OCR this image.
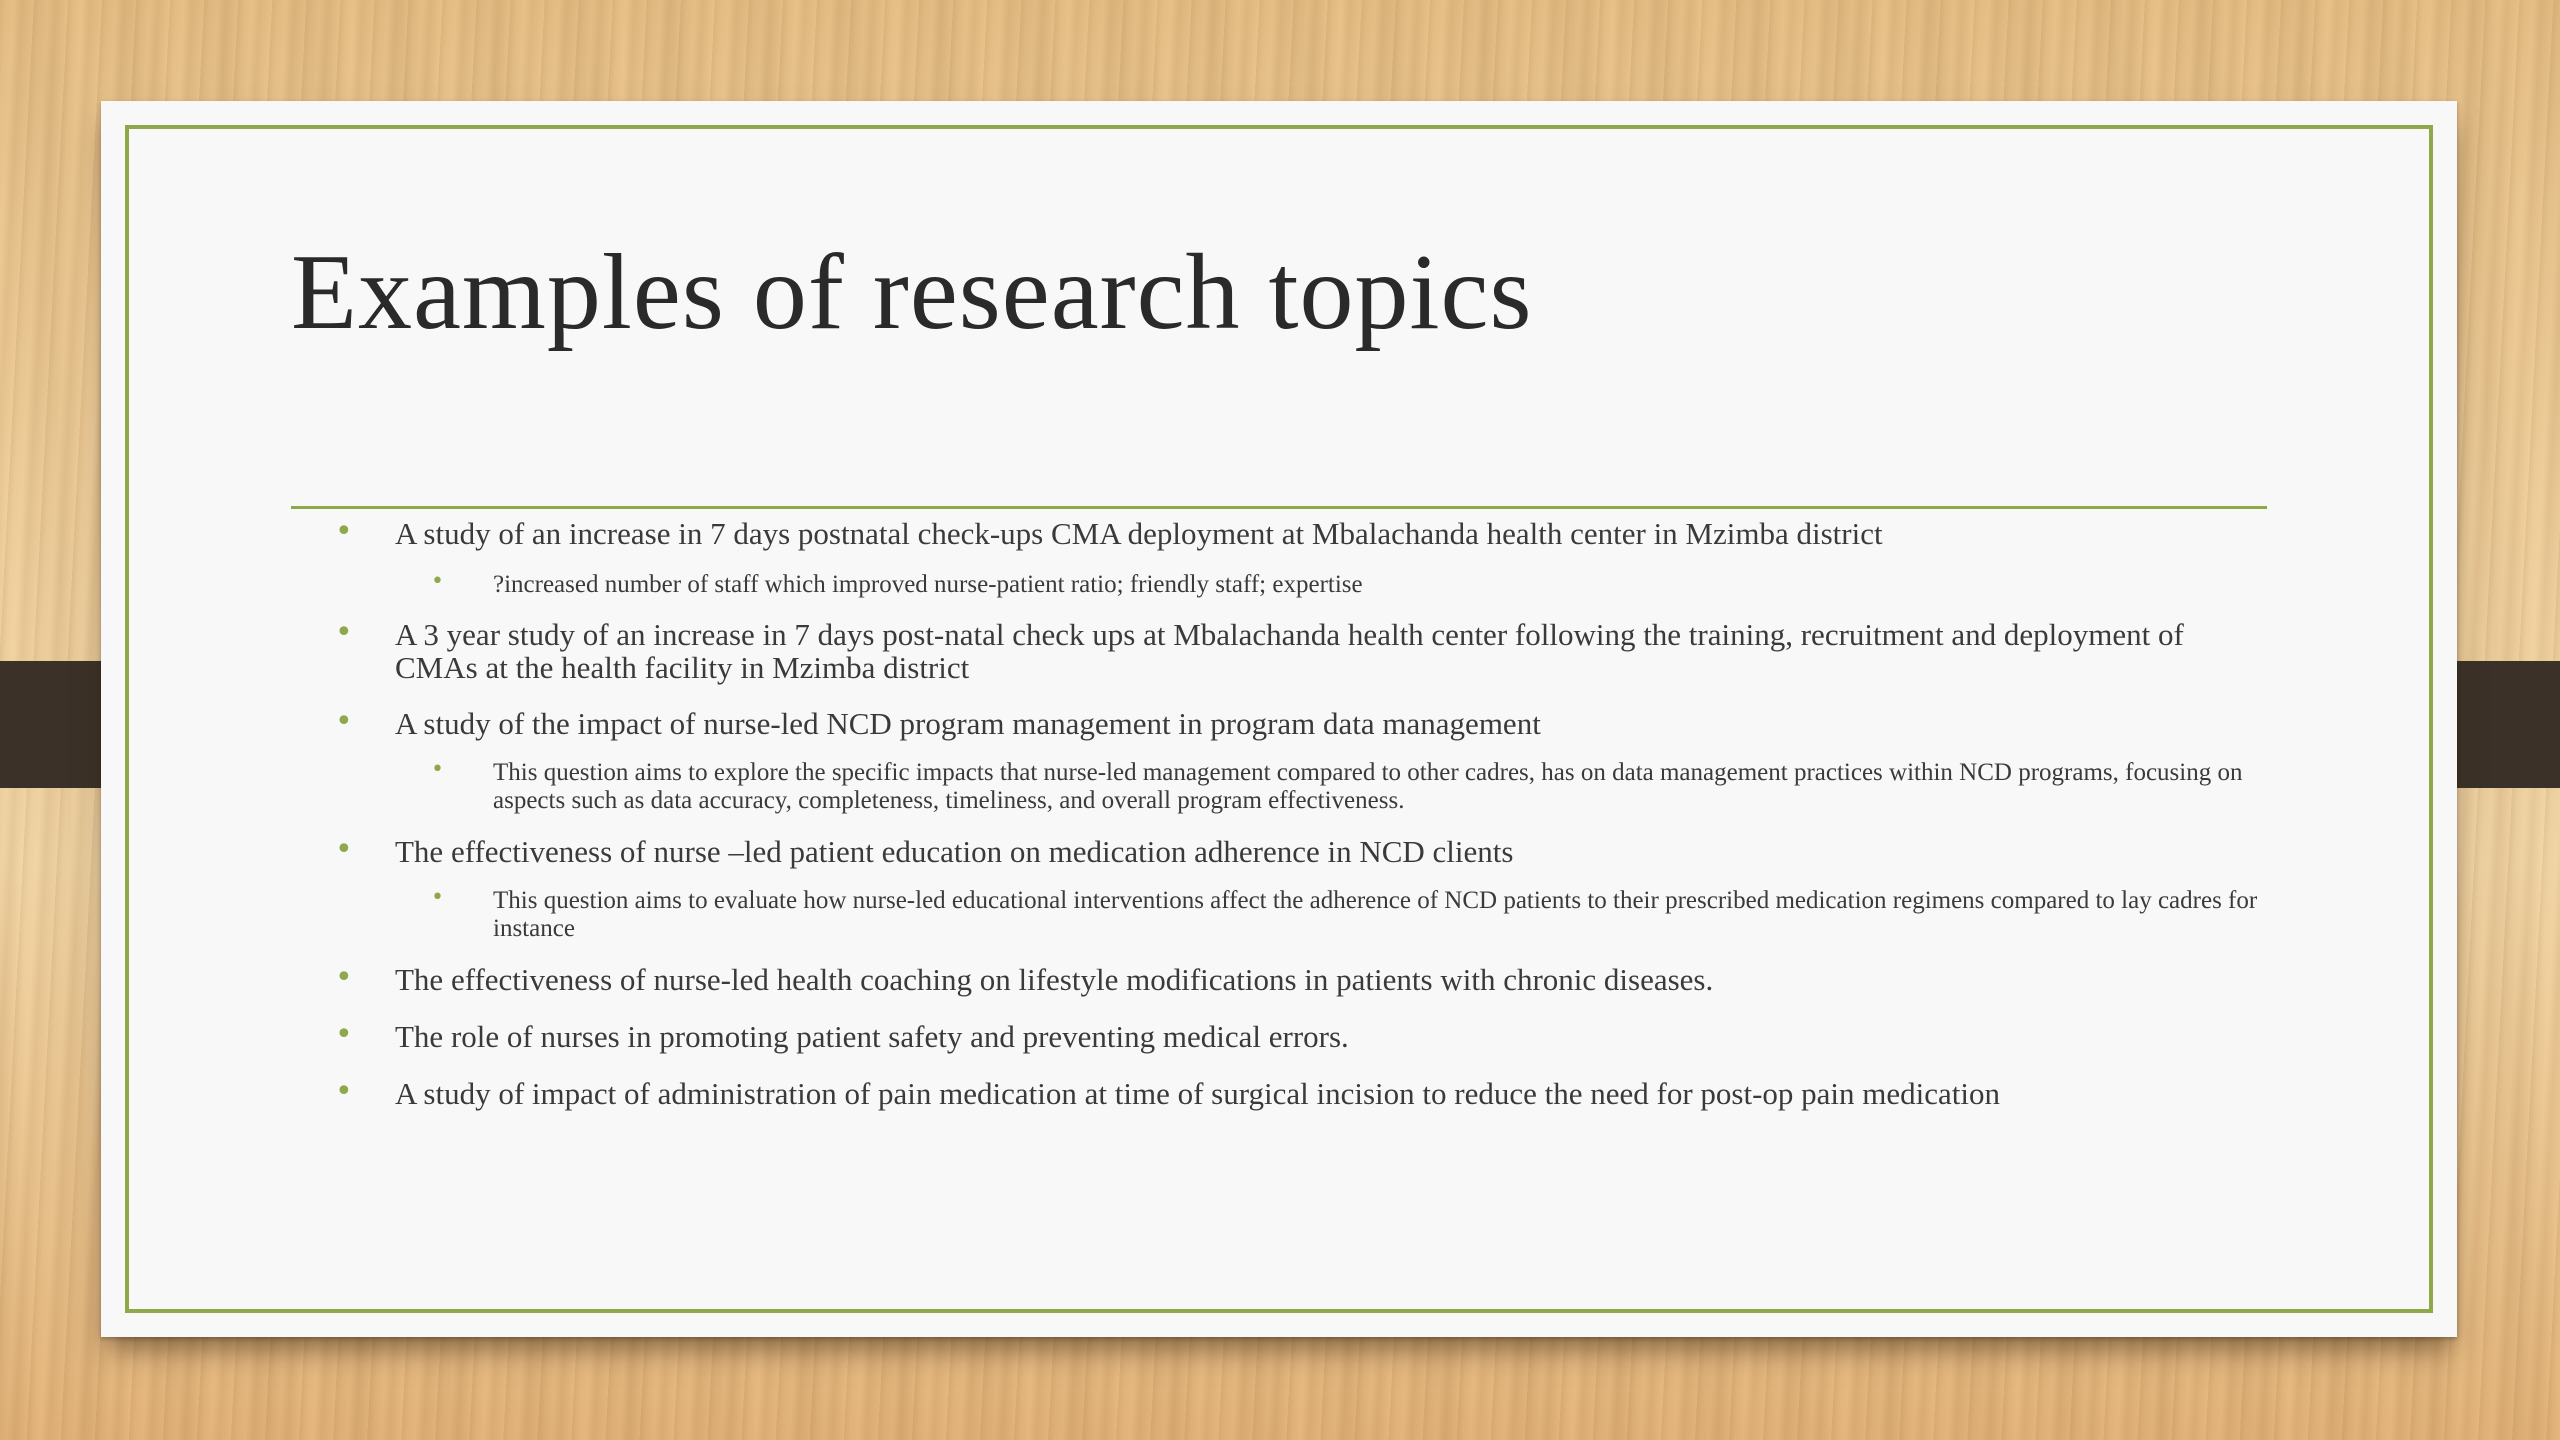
Examples of research topics
• A study of an increase in 7 days postnatal check-ups CMA deployment at Mbalachanda health center in Mzimba district
• ?increased number of staff which improved nurse-patient ratio; friendly staff; expertise
• A 3 year study of an increase in 7 days post-natal check ups at Mbalachanda health center following the training, recruitment and deployment of CMAs at the health facility in Mzimba district
• A study of the impact of nurse-led NCD program management in program data management
• This question aims to explore the specific impacts that nurse-led management compared to other cadres, has on data management practices within NCD programs, focusing on aspects such as data accuracy, completeness, timeliness, and overall program effectiveness.
• The effectiveness of nurse –led patient education on medication adherence in NCD clients
• This question aims to evaluate how nurse-led educational interventions affect the adherence of NCD patients to their prescribed medication regimens compared to lay cadres for instance
• The effectiveness of nurse-led health coaching on lifestyle modifications in patients with chronic diseases.
• The role of nurses in promoting patient safety and preventing medical errors.
• A study of impact of administration of pain medication at time of surgical incision to reduce the need for post-op pain medication
